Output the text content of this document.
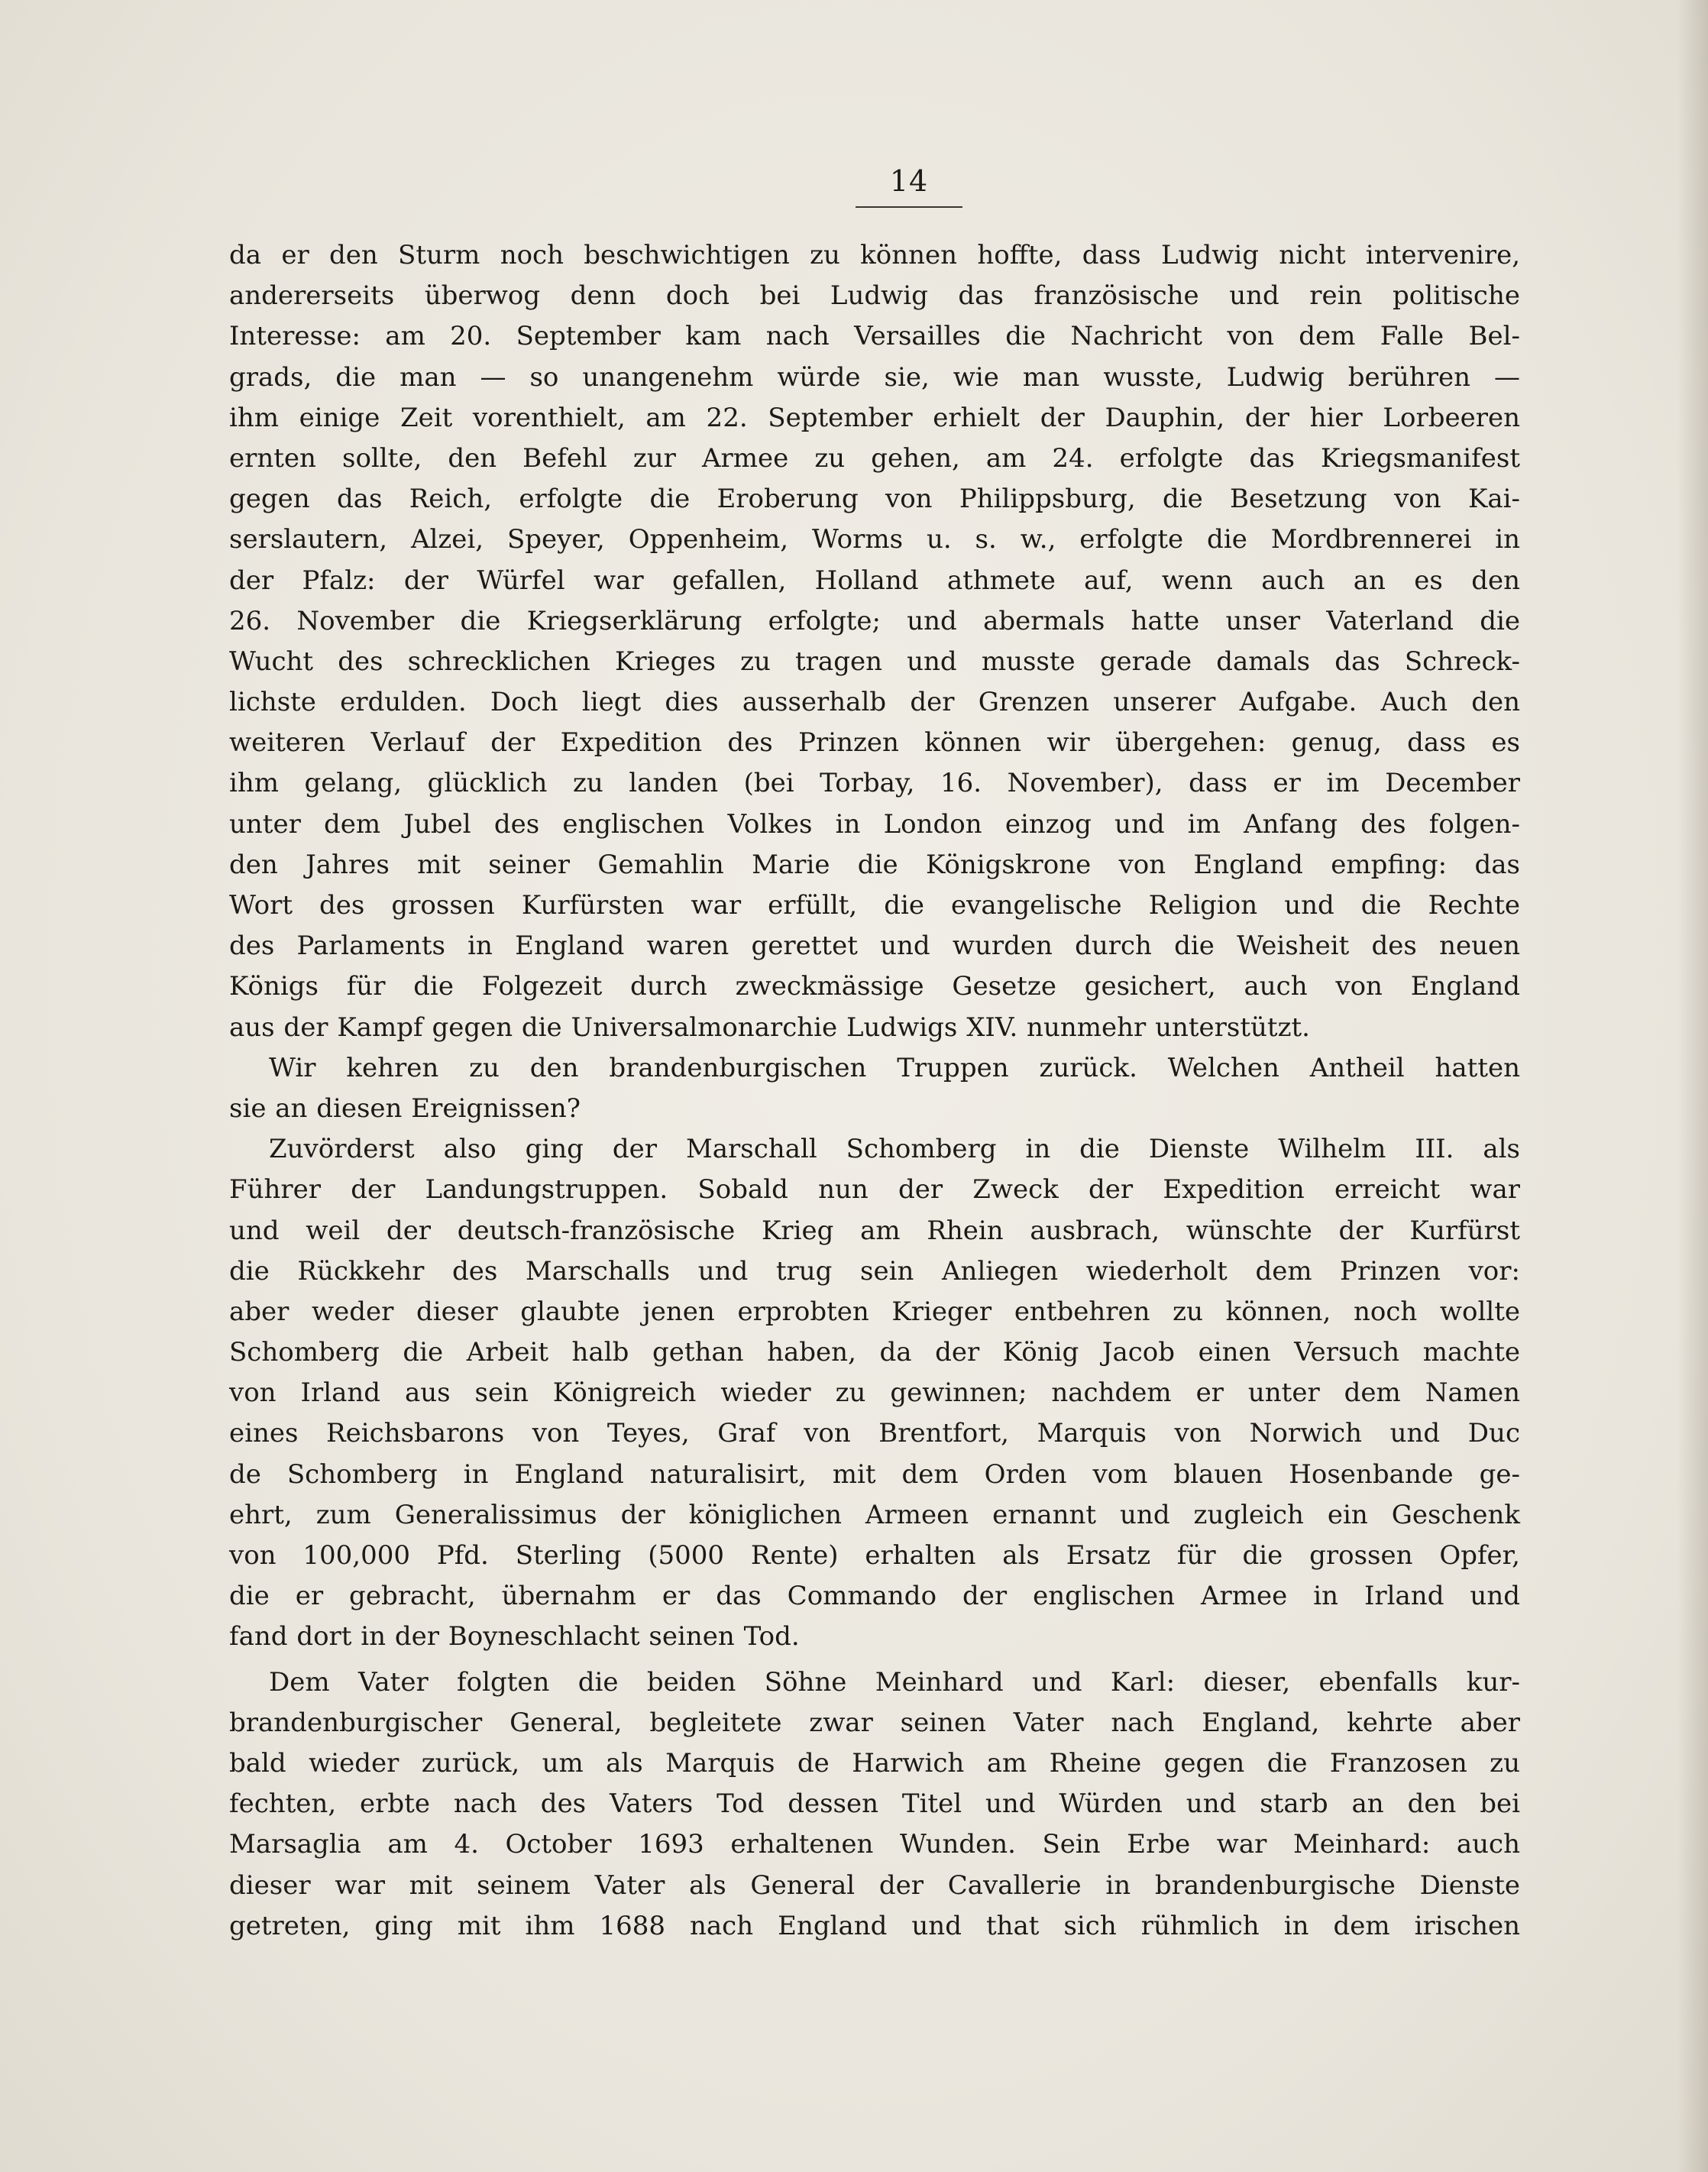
14
da er den Sturm noch beschwichtigen zu können hoffte, dass Ludwig nicht intervenire,
andererseits überwog denn doch bei Ludwig das französische und rein politische
Interesse: am 20. September kam nach Versailles die Nachricht von dem Falle Bel-
grads, die man — so unangenehm würde sie, wie man wusste, Ludwig berühren —
ihm einige Zeit vorenthielt, am 22. September erhielt der Dauphin, der hier Lorbeeren
ernten sollte, den Befehl zur Armee zu gehen, am 24. erfolgte das Kriegsmanifest
gegen das Reich, erfolgte die Eroberung von Philippsburg, die Besetzung von Kai-
serslautern, Alzei, Speyer, Oppenheim, Worms u. s. w., erfolgte die Mordbrennerei in
der Pfalz: der Würfel war gefallen, Holland athmete auf, wenn auch an es den
26. November die Kriegserklärung erfolgte; und abermals hatte unser Vaterland die
Wucht des schrecklichen Krieges zu tragen und musste gerade damals das Schreck-
lichste erdulden. Doch liegt dies ausserhalb der Grenzen unserer Aufgabe. Auch den
weiteren Verlauf der Expedition des Prinzen können wir übergehen: genug, dass es
ihm gelang, glücklich zu landen (bei Torbay, 16. November), dass er im December
unter dem Jubel des englischen Volkes in London einzog und im Anfang des folgen-
den Jahres mit seiner Gemahlin Marie die Königskrone von England empfing: das
Wort des grossen Kurfürsten war erfüllt, die evangelische Religion und die Rechte
des Parlaments in England waren gerettet und wurden durch die Weisheit des neuen
Königs für die Folgezeit durch zweckmässige Gesetze gesichert, auch von England
aus der Kampf gegen die Universalmonarchie Ludwigs XIV. nunmehr unterstützt.
Wir kehren zu den brandenburgischen Truppen zurück. Welchen Antheil hatten
sie an diesen Ereignissen?
Zuvörderst also ging der Marschall Schomberg in die Dienste Wilhelm III. als
Führer der Landungstruppen. Sobald nun der Zweck der Expedition erreicht war
und weil der deutsch-französische Krieg am Rhein ausbrach, wünschte der Kurfürst
die Rückkehr des Marschalls und trug sein Anliegen wiederholt dem Prinzen vor:
aber weder dieser glaubte jenen erprobten Krieger entbehren zu können, noch wollte
Schomberg die Arbeit halb gethan haben, da der König Jacob einen Versuch machte
von Irland aus sein Königreich wieder zu gewinnen; nachdem er unter dem Namen
eines Reichsbarons von Teyes, Graf von Brentfort, Marquis von Norwich und Duc
de Schomberg in England naturalisirt, mit dem Orden vom blauen Hosenbande ge-
ehrt, zum Generalissimus der königlichen Armeen ernannt und zugleich ein Geschenk
von 100,000 Pfd. Sterling (5000 Rente) erhalten als Ersatz für die grossen Opfer,
die er gebracht, übernahm er das Commando der englischen Armee in Irland und
fand dort in der Boyneschlacht seinen Tod.
Dem Vater folgten die beiden Söhne Meinhard und Karl: dieser, ebenfalls kur-
brandenburgischer General, begleitete zwar seinen Vater nach England, kehrte aber
bald wieder zurück, um als Marquis de Harwich am Rheine gegen die Franzosen zu
fechten, erbte nach des Vaters Tod dessen Titel und Würden und starb an den bei
Marsaglia am 4. October 1693 erhaltenen Wunden. Sein Erbe war Meinhard: auch
dieser war mit seinem Vater als General der Cavallerie in brandenburgische Dienste
getreten, ging mit ihm 1688 nach England und that sich rühmlich in dem irischen
